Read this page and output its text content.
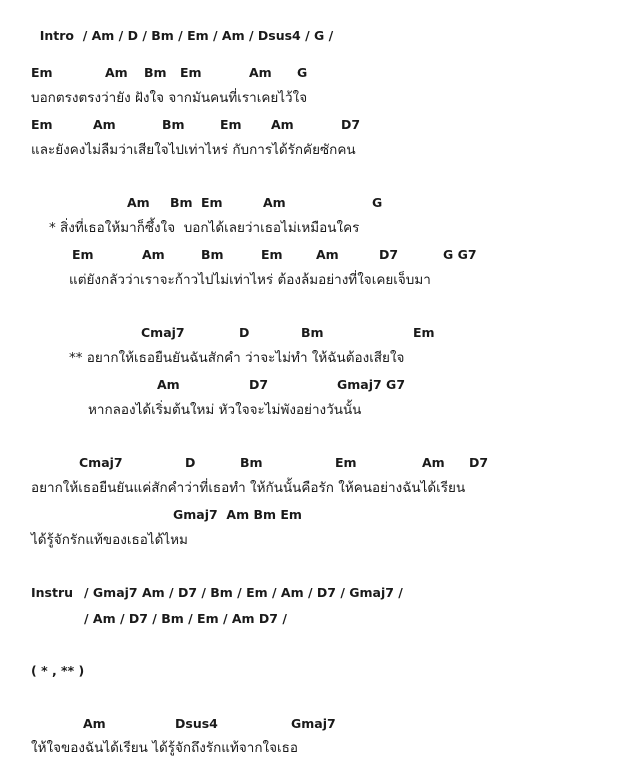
Intro / Am / D / Bm / Em / Am / Dsus4 / G /

บอกตรงตรงว่ายัง ฝังใจ จากมันคนที่เราเคยไว้ใจ
และยังคงไม่ลืมว่าเสียใจไปเท่าไหร่ กับการได้รักคัยซักคน
* สิ่งที่เธอให้มาก็ซึ้งใจ  บอกได้เลยว่าเธอไม่เหมือนใคร
แต่ยังกลัวว่าเราจะก้าวไปไม่เท่าไหร่ ต้องล้มอย่างที่ใจเคยเจ็บมา
** อยากให้เธอยืนยันฉันสักคำ ว่าจะไม่ทำ ให้ฉันต้องเสียใจ
หากลองได้เริ่มต้นใหม่ หัวใจจะไม่พังอย่างวันนั้น
อยากให้เธอยืนยันแค่สักคำว่าที่เธอทำ ให้กันนั้นคือรัก ให้คนอย่างฉันได้เรียน
ได้รู้จักรักแท้ของเธอได้ไหม
Instru / Gmaj7 Am / D7 / Bm / Em / Am / D7 / Gmaj7 /
/ Am / D7 / Bm / Em / Am D7 /
( * , ** )
ให้ใจของฉันได้เรียน ได้รู้จักถึงรักแท้จากใจเธอ
Em	Am Bm Em	Am G
Em	Am	Bm	Em Am	D7
Am Bm Em	Am	G
Em	Am	Bm	Em	Am	D7	G G7
Cmaj7	D	Bm	Em
Am	D7	Gmaj7 G7
Cmaj7	D	Bm	Em	Am D7
Gmaj7  Am Bm Em
Am	Dsus4	Gmaj7
